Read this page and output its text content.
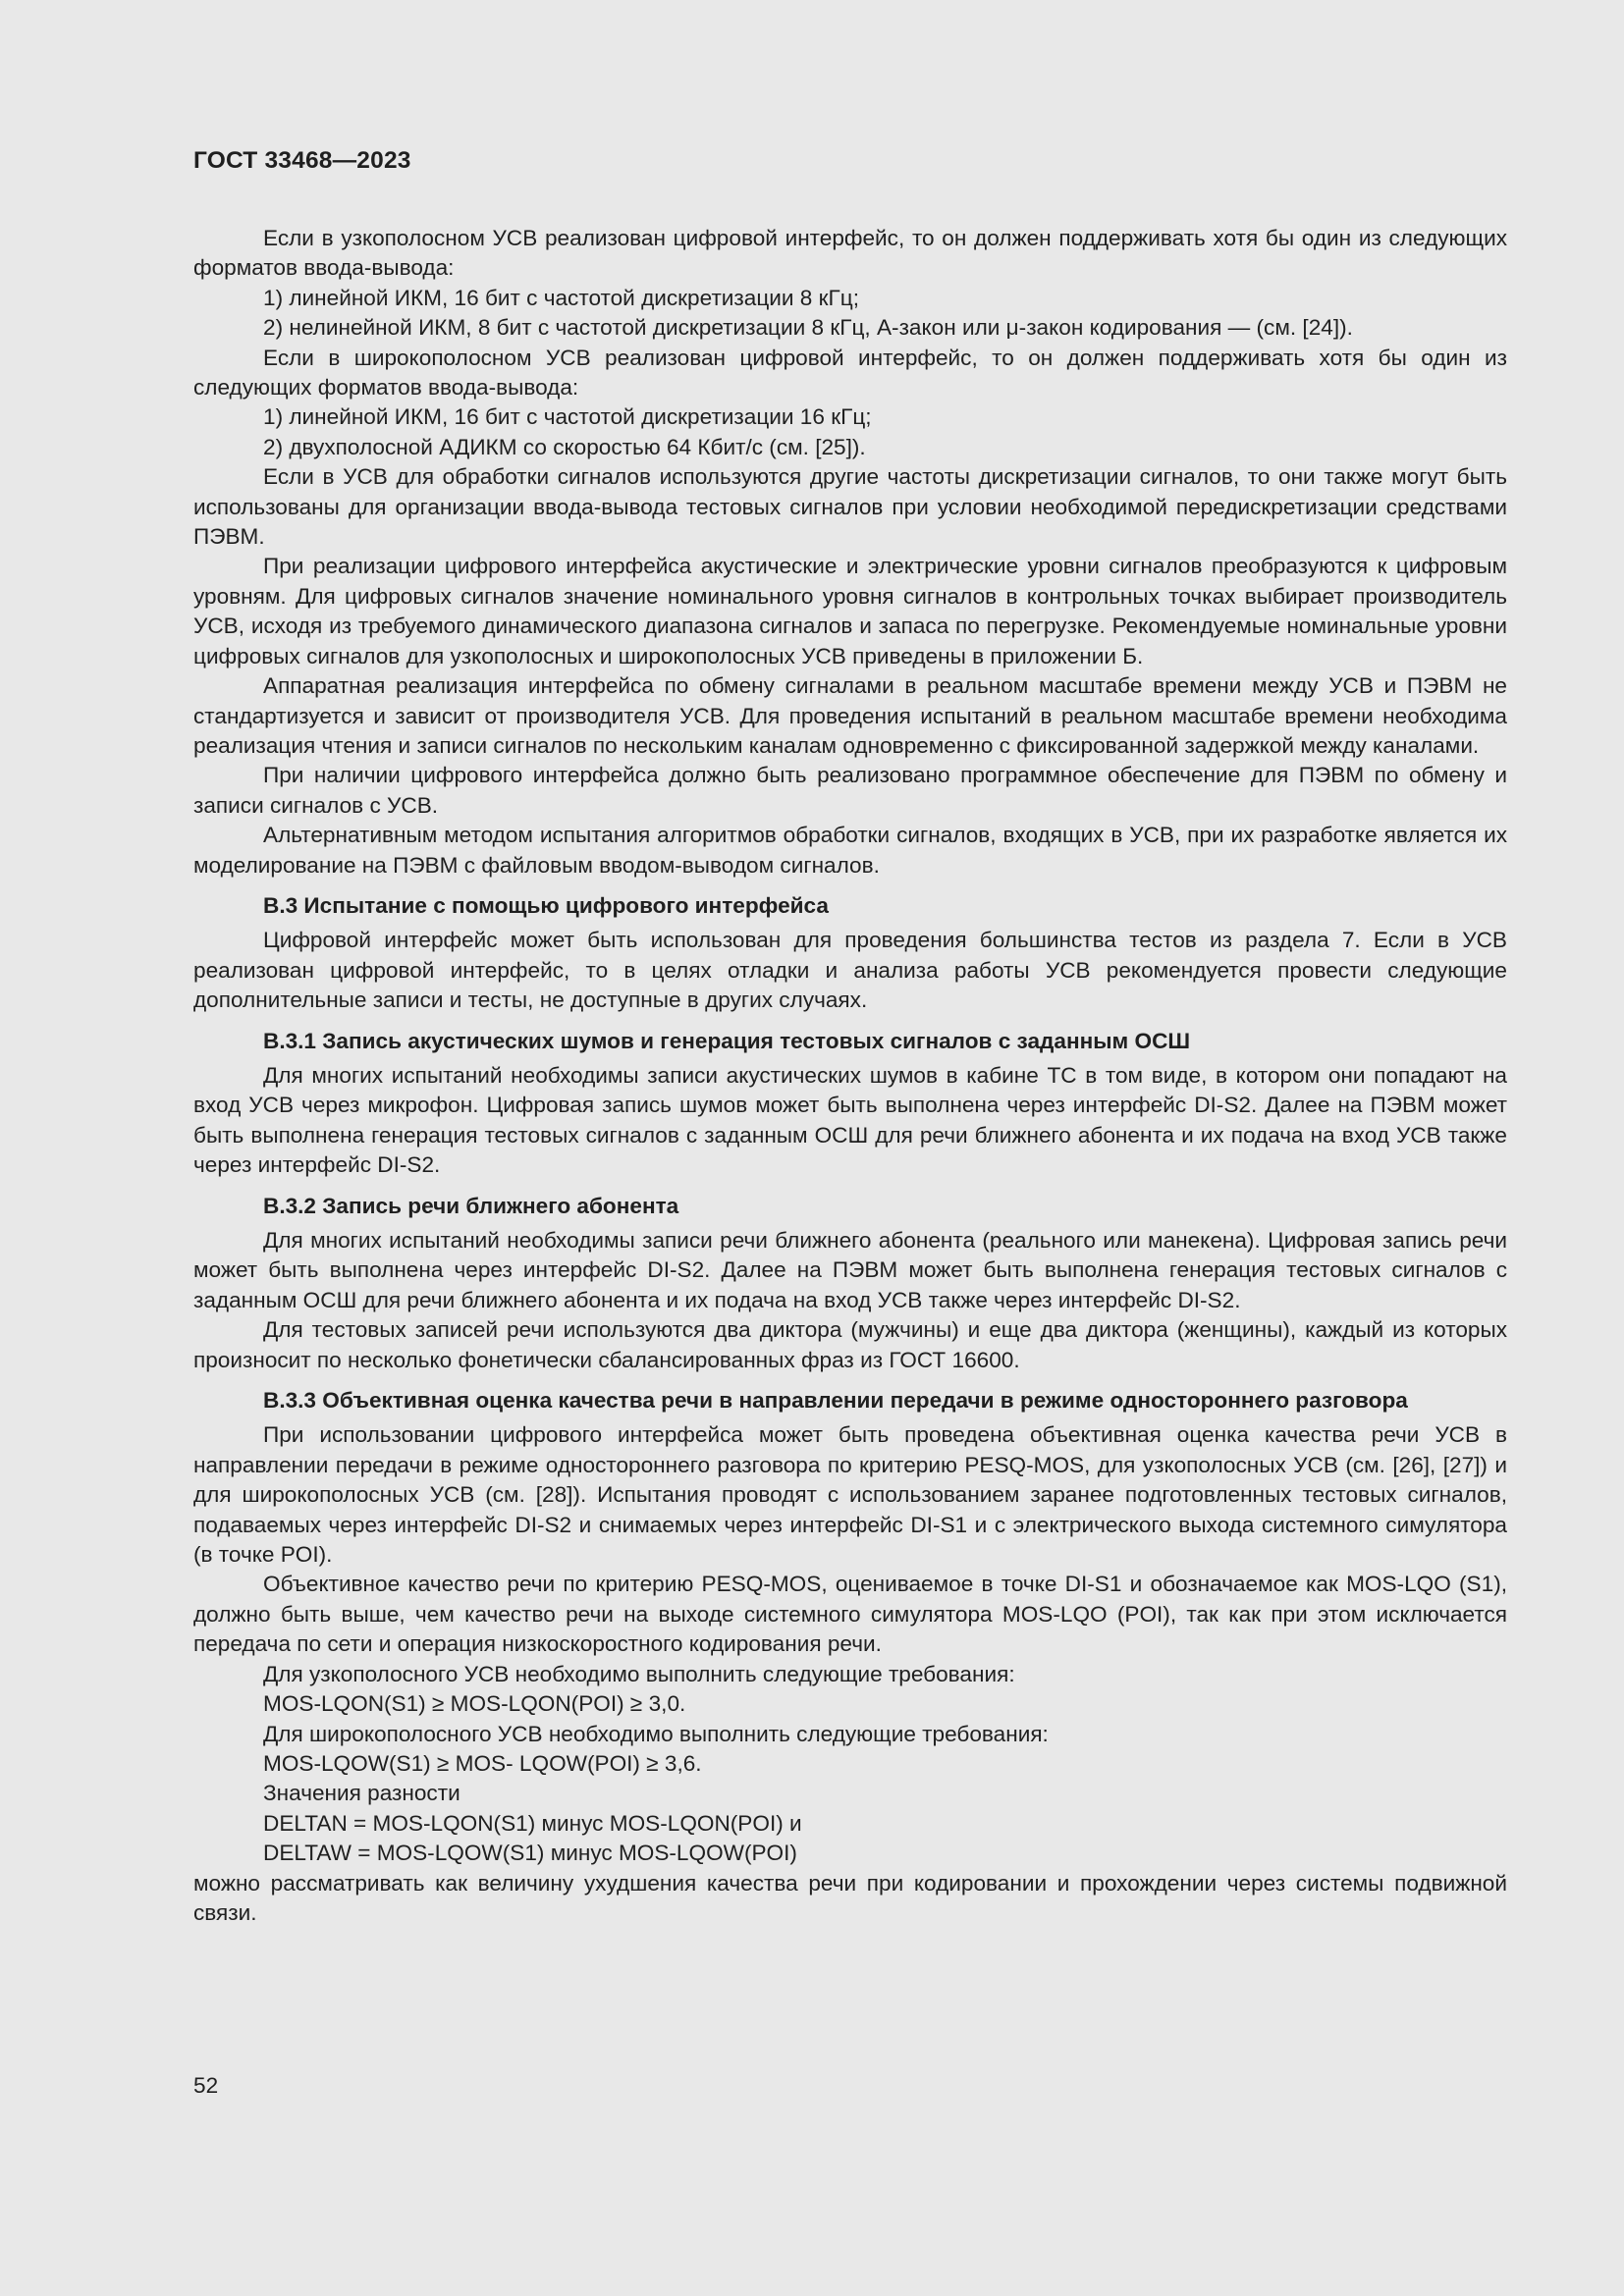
ГОСТ 33468—2023

Если в узкополосном УСВ реализован цифровой интерфейс, то он должен поддерживать хотя бы один из следующих форматов ввода-вывода:

1) линейной ИКМ, 16 бит с частотой дискретизации 8 кГц;

2) нелинейной ИКМ, 8 бит с частотой дискретизации 8 кГц, А-закон или μ-закон кодирования — (см. [24]).

Если в широкополосном УСВ реализован цифровой интерфейс, то он должен поддерживать хотя бы один из следующих форматов ввода-вывода:

1) линейной ИКМ, 16 бит с частотой дискретизации 16 кГц;

2) двухполосной АДИКМ со скоростью 64 Кбит/с (см. [25]).

Если в УСВ для обработки сигналов используются другие частоты дискретизации сигналов, то они также могут быть использованы для организации ввода-вывода тестовых сигналов при условии необходимой передискретизации средствами ПЭВМ.

При реализации цифрового интерфейса акустические и электрические уровни сигналов преобразуются к цифровым уровням. Для цифровых сигналов значение номинального уровня сигналов в контрольных точках выбирает производитель УСВ, исходя из требуемого динамического диапазона сигналов и запаса по перегрузке. Рекомендуемые номинальные уровни цифровых сигналов для узкополосных и широкополосных УСВ приведены в приложении Б.

Аппаратная реализация интерфейса по обмену сигналами в реальном масштабе времени между УСВ и ПЭВМ не стандартизуется и зависит от производителя УСВ. Для проведения испытаний в реальном масштабе времени необходима реализация чтения и записи сигналов по нескольким каналам одновременно с фиксированной задержкой между каналами.

При наличии цифрового интерфейса должно быть реализовано программное обеспечение для ПЭВМ по обмену и записи сигналов с УСВ.

Альтернативным методом испытания алгоритмов обработки сигналов, входящих в УСВ, при их разработке является их моделирование на ПЭВМ с файловым вводом-выводом сигналов.

В.3 Испытание с помощью цифрового интерфейса

Цифровой интерфейс может быть использован для проведения большинства тестов из раздела 7. Если в УСВ реализован цифровой интерфейс, то в целях отладки и анализа работы УСВ рекомендуется провести следующие дополнительные записи и тесты, не доступные в других случаях.

В.3.1 Запись акустических шумов и генерация тестовых сигналов с заданным ОСШ

Для многих испытаний необходимы записи акустических шумов в кабине ТС в том виде, в котором они попадают на вход УСВ через микрофон. Цифровая запись шумов может быть выполнена через интерфейс DI-S2. Далее на ПЭВМ может быть выполнена генерация тестовых сигналов с заданным ОСШ для речи ближнего абонента и их подача на вход УСВ также через интерфейс DI-S2.

В.3.2 Запись речи ближнего абонента

Для многих испытаний необходимы записи речи ближнего абонента (реального или манекена). Цифровая запись речи может быть выполнена через интерфейс DI-S2. Далее на ПЭВМ может быть выполнена генерация тестовых сигналов с заданным ОСШ для речи ближнего абонента и их подача на вход УСВ также через интерфейс DI-S2.

Для тестовых записей речи используются два диктора (мужчины) и еще два диктора (женщины), каждый из которых произносит по несколько фонетически сбалансированных фраз из ГОСТ 16600.

В.3.3 Объективная оценка качества речи в направлении передачи в режиме одностороннего разговора

При использовании цифрового интерфейса может быть проведена объективная оценка качества речи УСВ в направлении передачи в режиме одностороннего разговора по критерию PESQ-MOS, для узкополосных УСВ (см. [26], [27]) и для широкополосных УСВ (см. [28]). Испытания проводят с использованием заранее подготовленных тестовых сигналов, подаваемых через интерфейс DI-S2 и снимаемых через интерфейс DI-S1 и с электрического выхода системного симулятора (в точке POI).

Объективное качество речи по критерию PESQ-MOS, оцениваемое в точке DI-S1 и обозначаемое как MOS-LQO (S1), должно быть выше, чем качество речи на выходе системного симулятора MOS-LQO (POI), так как при этом исключается передача по сети и операция низкоскоростного кодирования речи.

Для узкополосного УСВ необходимо выполнить следующие требования:

MOS-LQON(S1) ≥ MOS-LQON(POI) ≥ 3,0.

Для широкополосного УСВ необходимо выполнить следующие требования:

MOS-LQOW(S1) ≥ MOS- LQOW(POI) ≥ 3,6.

Значения разности

DELTAN = MOS-LQON(S1) минус MOS-LQON(POI) и

DELTAW = MOS-LQOW(S1) минус MOS-LQOW(POI)

можно рассматривать как величину ухудшения качества речи при кодировании и прохождении через системы подвижной связи.

52
